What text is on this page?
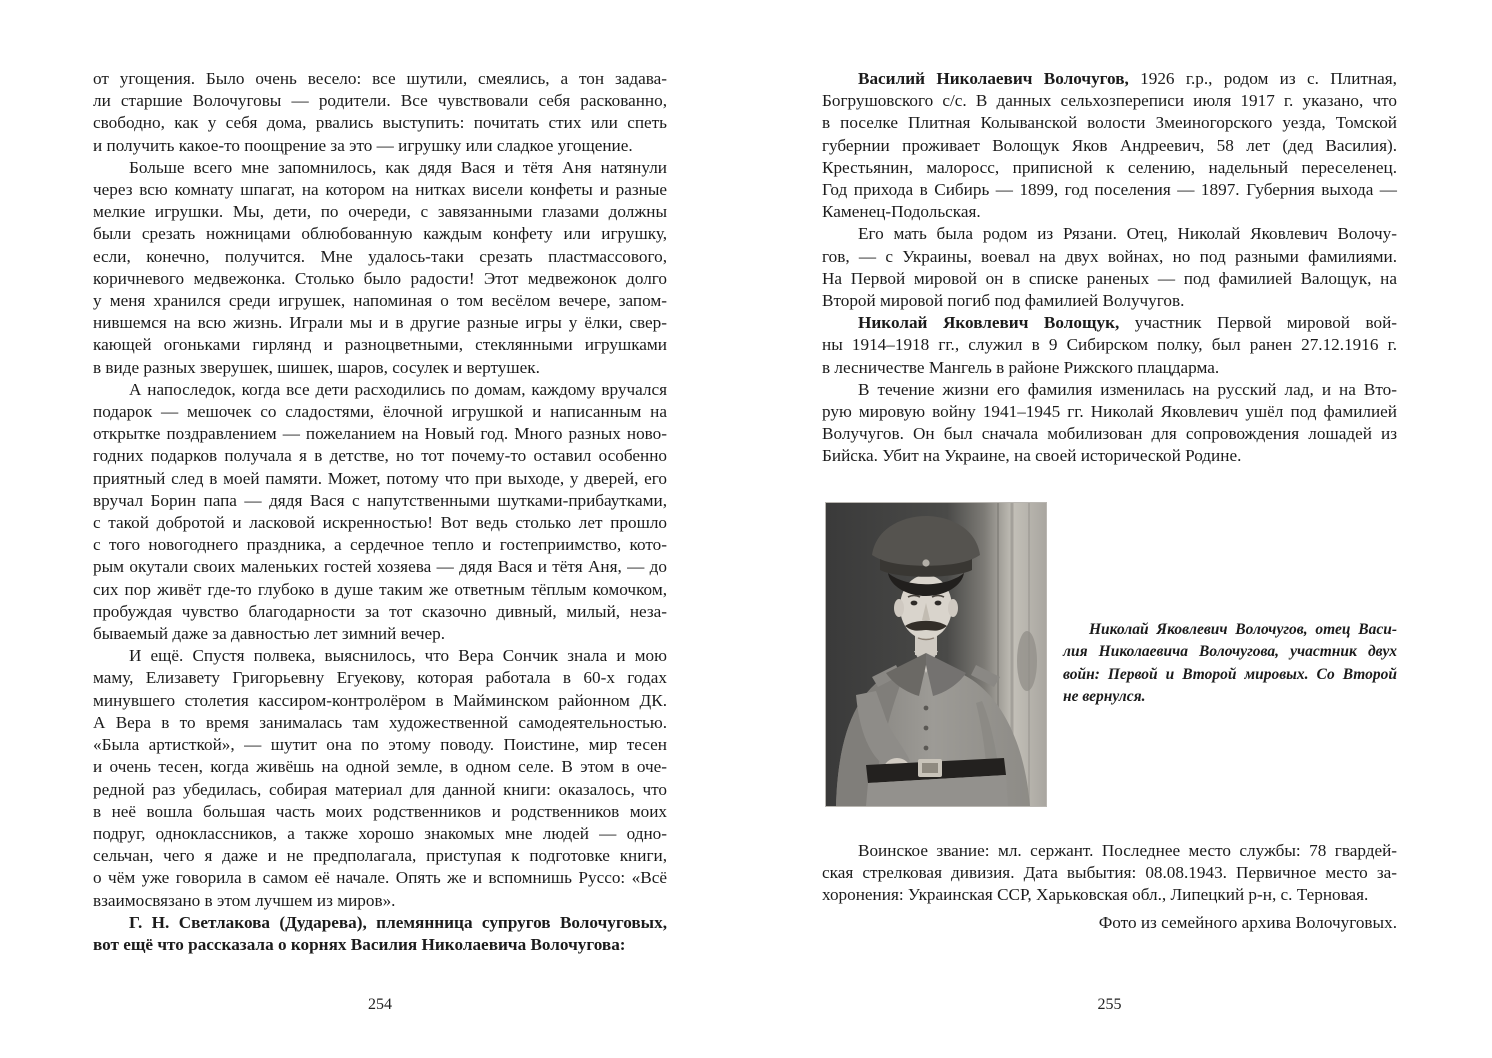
от угощения. Было очень весело: все шутили, смеялись, а тон задава-
ли старшие Волочуговы — родители. Все чувствовали себя раскованно,
свободно, как у себя дома, рвались выступить: почитать стих или спеть
и получить какое-то поощрение за это — игрушку или сладкое угощение.
Больше всего мне запомнилось, как дядя Вася и тётя Аня натянули
через всю комнату шпагат, на котором на нитках висели конфеты и разные
мелкие игрушки. Мы, дети, по очереди, с завязанными глазами должны
были срезать ножницами облюбованную каждым конфету или игрушку,
если, конечно, получится. Мне удалось-таки срезать пластмассового,
коричневого медвежонка. Столько было радости! Этот медвежонок долго
у меня хранился среди игрушек, напоминая о том весёлом вечере, запом-
нившемся на всю жизнь. Играли мы и в другие разные игры у ёлки, свер-
кающей огоньками гирлянд и разноцветными, стеклянными игрушками
в виде разных зверушек, шишек, шаров, сосулек и вертушек.
А напоследок, когда все дети расходились по домам, каждому вручался
подарок — мешочек со сладостями, ёлочной игрушкой и написанным на
открытке поздравлением — пожеланием на Новый год. Много разных ново-
годних подарков получала я в детстве, но тот почему-то оставил особенно
приятный след в моей памяти. Может, потому что при выходе, у дверей, его
вручал Борин папа — дядя Вася с напутственными шутками-прибаутками,
с такой добротой и ласковой искренностью! Вот ведь столько лет прошло
с того новогоднего праздника, а сердечное тепло и гостеприимство, кото-
рым окутали своих маленьких гостей хозяева — дядя Вася и тётя Аня, — до
сих пор живёт где-то глубоко в душе таким же ответным тёплым комочком,
пробуждая чувство благодарности за тот сказочно дивный, милый, неза-
бываемый даже за давностью лет зимний вечер.
И ещё. Спустя полвека, выяснилось, что Вера Сончик знала и мою
маму, Елизавету Григорьевну Егуекову, которая работала в 60-х годах
минувшего столетия кассиром-контролёром в Майминском районном ДК.
А Вера в то время занималась там художественной самодеятельностью.
«Была артисткой», — шутит она по этому поводу. Поистине, мир тесен
и очень тесен, когда живёшь на одной земле, в одном селе. В этом в оче-
редной раз убедилась, собирая материал для данной книги: оказалось, что
в неё вошла большая часть моих родственников и родственников моих
подруг, одноклассников, а также хорошо знакомых мне людей — одно-
сельчан, чего я даже и не предполагала, приступая к подготовке книги,
о чём уже говорила в самом её начале. Опять же и вспомнишь Руссо: «Всё
взаимосвязано в этом лучшем из миров».
Г. Н. Светлакова (Дударева), племянница супругов Волочуговых,
вот ещё что рассказала о корнях Василия Николаевича Волочугова:
Василий Николаевич Волочугов, 1926 г.р., родом из с. Плитная,
Богрушовского с/с. В данных сельхозпереписи июля 1917 г. указано, что
в поселке Плитная Колыванской волости Змеиногорского уезда, Томской
губернии проживает Волощук Яков Андреевич, 58 лет (дед Василия).
Крестьянин, малоросс, приписной к селению, надельный переселенец.
Год прихода в Сибирь — 1899, год поселения — 1897. Губерния выхода —
Каменец-Подольская.
Его мать была родом из Рязани. Отец, Николай Яковлевич Волочу-
гов, — с Украины, воевал на двух войнах, но под разными фамилиями.
На Первой мировой он в списке раненых — под фамилией Валощук, на
Второй мировой погиб под фамилией Волучугов.
Николай Яковлевич Волощук, участник Первой мировой вой-
ны 1914–1918 гг., служил в 9 Сибирском полку, был ранен 27.12.1916 г.
в лесничестве Мангель в районе Рижского плацдарма.
В течение жизни его фамилия изменилась на русский лад, и на Вто-
рую мировую войну 1941–1945 гг. Николай Яковлевич ушёл под фамилией
Волучугов. Он был сначала мобилизован для сопровождения лошадей из
Бийска. Убит на Украине, на своей исторической Родине.
Николай Яковлевич Волочугов, отец Васи-
лия Николаевича Волочугова, участник двух
войн: Первой и Второй мировых. Со Второй
не вернулся.
Воинское звание: мл. сержант. Последнее место службы: 78 гвардей-
ская стрелковая дивизия. Дата выбытия: 08.08.1943. Первичное место за-
хоронения: Украинская ССР, Харьковская обл., Липецкий р-н, с. Терновая.
Фото из семейного архива Волочуговых.
254	255
